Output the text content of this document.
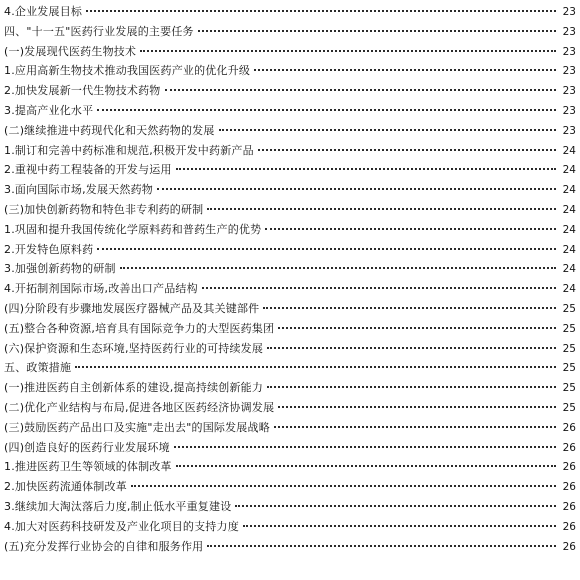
4.企业发展目标	23
四、"十一五"医药行业发展的主要任务	23
(一)发展现代医药生物技术	23
1.应用高新生物技术推动我国医药产业的优化升级	23
2.加快发展新一代生物技术药物	23
3.提高产业化水平	23
(二)继续推进中药现代化和天然药物的发展	23
1.制订和完善中药标准和规范,积极开发中药新产品	24
2.重视中药工程装备的开发与运用	24
3.面向国际市场,发展天然药物	24
(三)加快创新药物和特色非专利药的研制	24
1.巩固和提升我国传统化学原料药和普药生产的优势	24
2.开发特色原料药	24
3.加强创新药物的研制	24
4.开拓制剂国际市场,改善出口产品结构	24
(四)分阶段有步骤地发展医疗器械产品及其关键部件	25
(五)整合各种资源,培育具有国际竞争力的大型医药集团	25
(六)保护资源和生态环境,坚持医药行业的可持续发展	25
五、政策措施	25
(一)推进医药自主创新体系的建设,提高持续创新能力	25
(二)优化产业结构与布局,促进各地区医药经济协调发展	25
(三)鼓励医药产品出口及实施"走出去"的国际发展战略	26
(四)创造良好的医药行业发展环境	26
1.推进医药卫生等领域的体制改革	26
2.加快医药流通体制改革	26
3.继续加大淘汰落后力度,制止低水平重复建设	26
4.加大对医药科技研发及产业化项目的支持力度	26
(五)充分发挥行业协会的自律和服务作用	26
